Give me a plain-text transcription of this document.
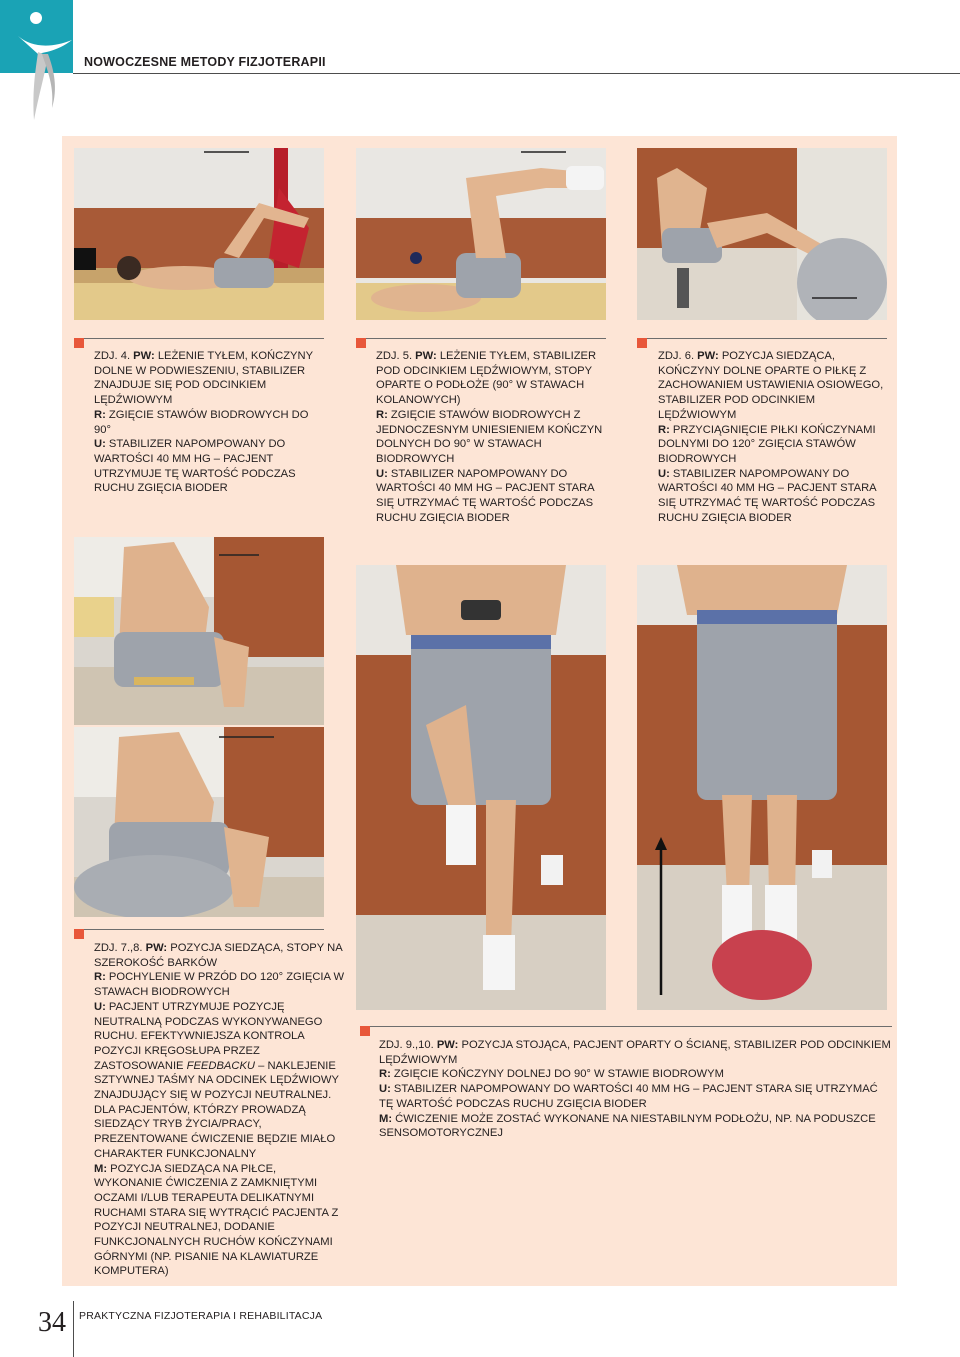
NOWOCZESNE METODY FIZJOTERAPII
ZDJ. 4. PW: LEŻENIE TYŁEM, KOŃCZYNY DOLNE W PODWIESZENIU, STABILIZER ZNAJDUJE SIĘ POD ODCINKIEM LĘDŹWIOWYM
R: ZGIĘCIE STAWÓW BIODROWYCH DO 90°
U: STABILIZER NAPOMPOWANY DO WARTOŚCI 40 MM HG – PACJENT UTRZYMUJE TĘ WARTOŚĆ PODCZAS RUCHU ZGIĘCIA BIODER
ZDJ. 5. PW: LEŻENIE TYŁEM, STABILIZER POD ODCINKIEM LĘDŹWIOWYM, STOPY OPARTE O PODŁOŻE (90° W STAWACH KOLANOWYCH)
R: ZGIĘCIE STAWÓW BIODROWYCH Z JEDNOCZESNYM UNIESIENIEM KOŃCZYN DOLNYCH DO 90° W STAWACH BIODROWYCH
U: STABILIZER NAPOMPOWANY DO WARTOŚCI 40 MM HG – PACJENT STARA SIĘ UTRZYMAĆ TĘ WARTOŚĆ PODCZAS RUCHU ZGIĘCIA BIODER
ZDJ. 6. PW: POZYCJA SIEDZĄCA, KOŃCZYNY DOLNE OPARTE O PIŁKĘ Z ZACHOWANIEM USTAWIENIA OSIOWEGO, STABILIZER POD ODCINKIEM LĘDŹWIOWYM
R: PRZYCIĄGNIĘCIE PIŁKI KOŃCZYNAMI DOLNYMI DO 120° ZGIĘCIA STAWÓW BIODROWYCH
U: STABILIZER NAPOMPOWANY DO WARTOŚCI 40 MM HG – PACJENT STARA SIĘ UTRZYMAĆ TĘ WARTOŚĆ PODCZAS RUCHU ZGIĘCIA BIODER
ZDJ. 7.,8. PW: POZYCJA SIEDZĄCA, STOPY NA SZEROKOŚĆ BARKÓW
R: POCHYLENIE W PRZÓD DO 120° ZGIĘCIA W STAWACH BIODROWYCH
U: PACJENT UTRZYMUJE POZYCJĘ NEUTRALNĄ PODCZAS WYKONYWANEGO RUCHU. EFEKTYWNIEJSZA KONTROLA POZYCJI KRĘGOSŁUPA PRZEZ ZASTOSOWANIE FEEDBACKU – NAKLEJENIE SZTYWNEJ TAŚMY NA ODCINEK LĘDŹWIOWY ZNAJDUJĄCY SIĘ W POZYCJI NEUTRALNEJ. DLA PACJENTÓW, KTÓRZY PROWADZĄ SIEDZĄCY TRYB ŻYCIA/PRACY, PREZENTOWANE ĆWICZENIE BĘDZIE MIAŁO CHARAKTER FUNKCJONALNY
M: POZYCJA SIEDZĄCA NA PIŁCE, WYKONANIE ĆWICZENIA Z ZAMKNIĘTYMI OCZAMI I/LUB TERAPEUTA DELIKATNYMI RUCHAMI STARA SIĘ WYTRĄCIĆ PACJENTA Z POZYCJI NEUTRALNEJ, DODANIE FUNKCJONALNYCH RUCHÓW KOŃCZYNAMI GÓRNYMI (NP. PISANIE NA KLAWIATURZE KOMPUTERA)
ZDJ. 9.,10. PW: POZYCJA STOJĄCA, PACJENT OPARTY O ŚCIANĘ, STABILIZER POD ODCINKIEM LĘDŹWIOWYM
R: ZGIĘCIE KOŃCZYNY DOLNEJ DO 90° W STAWIE BIODROWYM
U: STABILIZER NAPOMPOWANY DO WARTOŚCI 40 MM HG – PACJENT STARA SIĘ UTRZYMAĆ TĘ WARTOŚĆ PODCZAS RUCHU ZGIĘCIA BIODER
M: ĆWICZENIE MOŻE ZOSTAĆ WYKONANE NA NIESTABILNYM PODŁOŻU, NP. NA PODUSZCE SENSOMOTORYCZNEJ
34 PRAKTYCZNA FIZJOTERAPIA I REHABILITACJA
